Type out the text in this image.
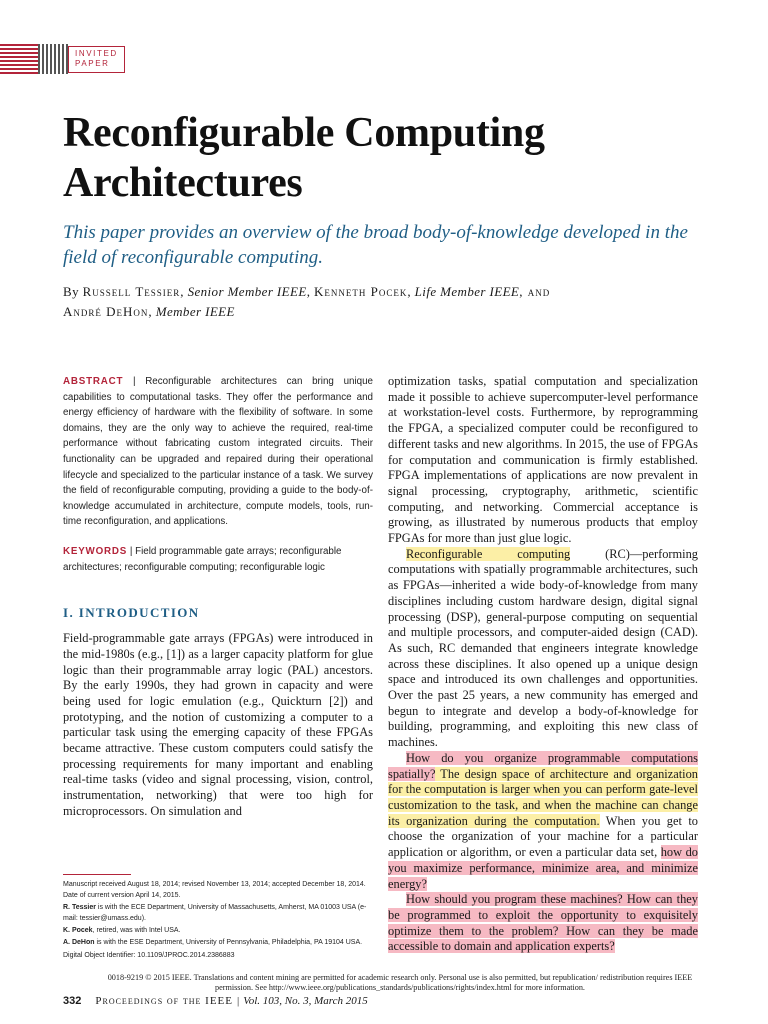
INVITED
PAPER
Reconfigurable Computing Architectures

This paper provides an overview of the broad body-of-knowledge developed in the field of reconfigurable computing.

By Russell Tessier, Senior Member IEEE, Kenneth Pocek, Life Member IEEE, and
André DeHon, Member IEEE

ABSTRACT | Reconfigurable architectures can bring unique capabilities to computational tasks. They offer the performance and energy efficiency of hardware with the flexibility of software. In some domains, they are the only way to achieve the required, real-time performance without fabricating custom integrated circuits. Their functionality can be upgraded and repaired during their operational lifecycle and specialized to the particular instance of a task. We survey the field of reconfigurable computing, providing a guide to the body-of-knowledge accumulated in architecture, compute models, tools, run-time reconfiguration, and applications.

KEYWORDS | Field programmable gate arrays; reconfigurable architectures; reconfigurable computing; reconfigurable logic

I. INTRODUCTION

Field-programmable gate arrays (FPGAs) were introduced in the mid-1980s (e.g., [1]) as a larger capacity platform for glue logic than their programmable array logic (PAL) ancestors. By the early 1990s, they had grown in capacity and were being used for logic emulation (e.g., Quickturn [2]) and prototyping, and the notion of customizing a computer to a particular task using the emerging capacity of these FPGAs became attractive. These custom computers could satisfy the processing requirements for many important and enabling real-time tasks (video and signal processing, vision, control, instrumentation, networking) that were too high for microprocessors. On simulation and

optimization tasks, spatial computation and specialization made it possible to achieve supercomputer-level performance at workstation-level costs. Furthermore, by reprogramming the FPGA, a specialized computer could be reconfigured to different tasks and new algorithms. In 2015, the use of FPGAs for computation and communication is firmly established. FPGA implementations of applications are now prevalent in signal processing, cryptography, arithmetic, scientific computing, and networking. Commercial acceptance is growing, as illustrated by numerous products that employ FPGAs for more than just glue logic.

Reconfigurable computing (RC)—performing computations with spatially programmable architectures, such as FPGAs—inherited a wide body-of-knowledge from many disciplines including custom hardware design, digital signal processing (DSP), general-purpose computing on sequential and multiple processors, and computer-aided design (CAD). As such, RC demanded that engineers integrate knowledge across these disciplines. It also opened up a unique design space and introduced its own challenges and opportunities. Over the past 25 years, a new community has emerged and begun to integrate and develop a body-of-knowledge for building, programming, and exploiting this new class of machines.

How do you organize programmable computations spatially? The design space of architecture and organization for the computation is larger when you can perform gate-level customization to the task, and when the machine can change its organization during the computation. When you get to choose the organization of your machine for a particular application or algorithm, or even a particular data set, how do you maximize performance, minimize area, and minimize energy?

How should you program these machines? How can they be programmed to exploit the opportunity to exquisitely optimize them to the problem? How can they be made accessible to domain and application experts?

Manuscript received August 18, 2014; revised November 13, 2014; accepted December 18, 2014. Date of current version April 14, 2015.

R. Tessier is with the ECE Department, University of Massachusetts, Amherst, MA 01003 USA (e-mail: tessier@umass.edu).

K. Pocek, retired, was with Intel USA.

A. DeHon is with the ESE Department, University of Pennsylvania, Philadelphia, PA 19104 USA.

Digital Object Identifier: 10.1109/JPROC.2014.2386883

0018-9219 © 2015 IEEE. Translations and content mining are permitted for academic research only. Personal use is also permitted, but republication/ redistribution requires IEEE permission. See http://www.ieee.org/publications_standards/publications/rights/index.html for more information.

332 Proceedings of the IEEE | Vol. 103, No. 3, March 2015
